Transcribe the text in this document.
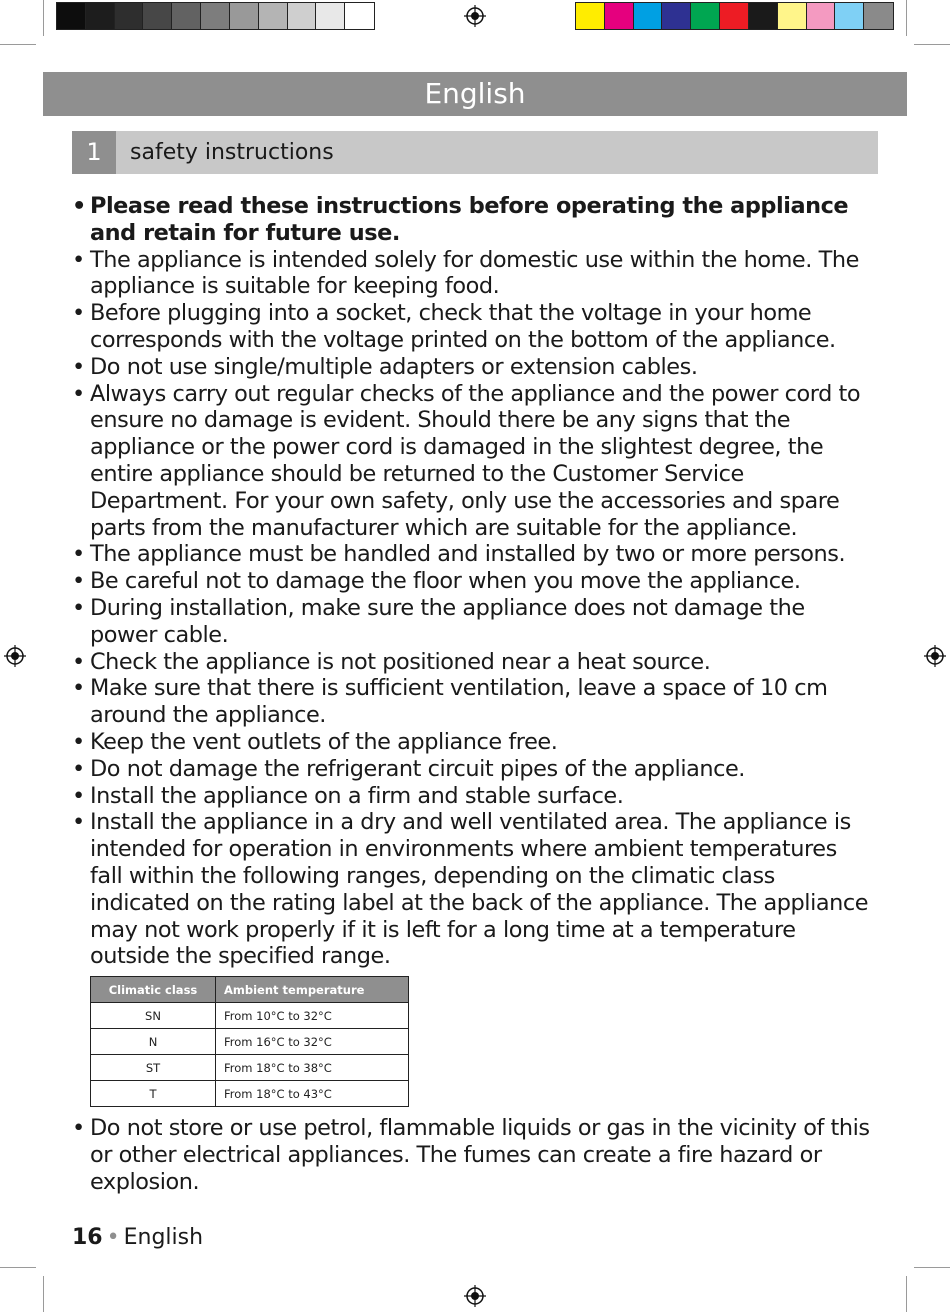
English
1	safety instructions
• Please read these instructions before operating the appliance and retain for future use.
• The appliance is intended solely for domestic use within the home. The appliance is suitable for keeping food.
• Before plugging into a socket, check that the voltage in your home corresponds with the voltage printed on the bottom of the appliance.
• Do not use single/multiple adapters or extension cables.
• Always carry out regular checks of the appliance and the power cord to ensure no damage is evident. Should there be any signs that the appliance or the power cord is damaged in the slightest degree, the entire appliance should be returned to the Customer Service Department. For your own safety, only use the accessories and spare parts from the manufacturer which are suitable for the appliance.
• The appliance must be handled and installed by two or more persons.
• Be careful not to damage the floor when you move the appliance.
• During installation, make sure the appliance does not damage the power cable.
• Check the appliance is not positioned near a heat source.
• Make sure that there is sufficient ventilation, leave a space of 10 cm around the appliance.
• Keep the vent outlets of the appliance free.
• Do not damage the refrigerant circuit pipes of the appliance.
• Install the appliance on a firm and stable surface.
• Install the appliance in a dry and well ventilated area. The appliance is intended for operation in environments where ambient temperatures fall within the following ranges, depending on the climatic class indicated on the rating label at the back of the appliance. The appliance may not work properly if it is left for a long time at a temperature outside the specified range.
Climatic class	Ambient temperature
SN	From 10°C to 32°C
N	From 16°C to 32°C
ST	From 18°C to 38°C
T	From 18°C to 43°C
• Do not store or use petrol, flammable liquids or gas in the vicinity of this or other electrical appliances. The fumes can create a fire hazard or explosion.
16 • English
